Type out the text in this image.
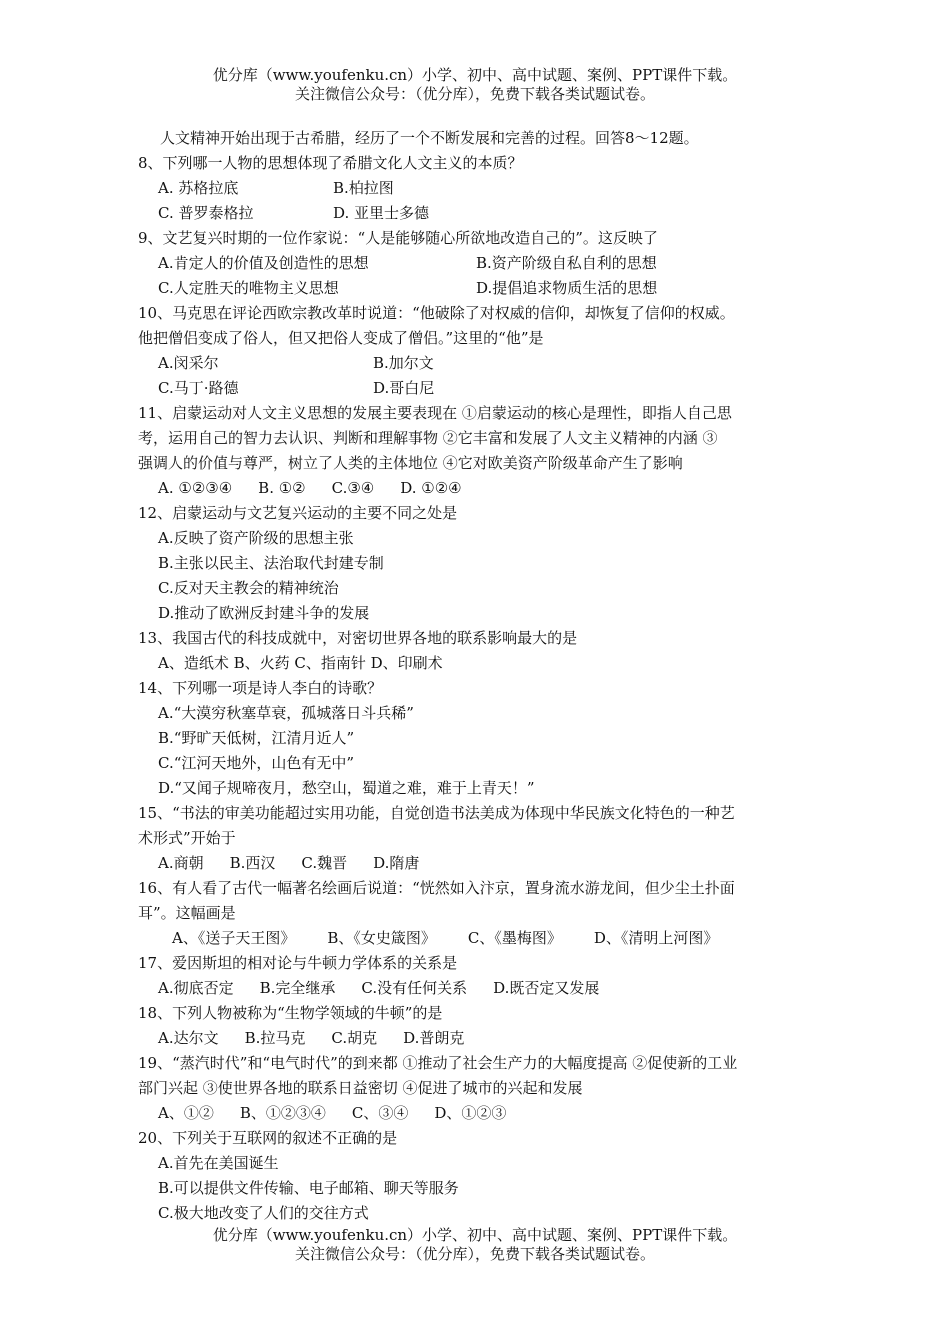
优分库（www.youfenku.cn）小学、初中、高中试题、案例、PPT课件下载。
关注微信公众号：（优分库），免费下载各类试题试卷。
人文精神开始出现于古希腊，经历了一个不断发展和完善的过程。回答8～12题。
8、下列哪一人物的思想体现了希腊文化人文主义的本质？
A. 苏格拉底	B.柏拉图
C. 普罗泰格拉	D. 亚里士多德
9、文艺复兴时期的一位作家说：“人是能够随心所欲地改造自己的”。这反映了
A.肯定人的价值及创造性的思想	B.资产阶级自私自利的思想
C.人定胜天的唯物主义思想	D.提倡追求物质生活的思想
10、马克思在评论西欧宗教改革时说道：“他破除了对权威的信仰，却恢复了信仰的权威。
他把僧侣变成了俗人，但又把俗人变成了僧侣。”这里的“他”是
A.闵采尔	B.加尔文
C.马丁·路德	D.哥白尼
11、启蒙运动对人文主义思想的发展主要表现在 ①启蒙运动的核心是理性，即指人自己思
考，运用自己的智力去认识、判断和理解事物 ②它丰富和发展了人文主义精神的内涵 ③
强调人的价值与尊严，树立了人类的主体地位 ④它对欧美资产阶级革命产生了影响
A. ①②③④ B. ①② C.③④ D. ①②④
12、启蒙运动与文艺复兴运动的主要不同之处是
A.反映了资产阶级的思想主张
B.主张以民主、法治取代封建专制
C.反对天主教会的精神统治
D.推动了欧洲反封建斗争的发展
13、我国古代的科技成就中，对密切世界各地的联系影响最大的是
A、造纸术 B、火药 C、指南针 D、印刷术
14、下列哪一项是诗人李白的诗歌？
A.“大漠穷秋塞草衰，孤城落日斗兵稀”
B.“野旷天低树，江清月近人”
C.“江河天地外，山色有无中”
D.“又闻子规啼夜月，愁空山，蜀道之难，难于上青天！”
15、“书法的审美功能超过实用功能，自觉创造书法美成为体现中华民族文化特色的一种艺
术形式”开始于
A.商朝 B.西汉 C.魏晋 D.隋唐
16、有人看了古代一幅著名绘画后说道：“恍然如入汴京，置身流水游龙间，但少尘土扑面
耳”。这幅画是
A、《送子天王图》 B、《女史箴图》 C、《墨梅图》 D、《清明上河图》
17、爱因斯坦的相对论与牛顿力学体系的关系是
A.彻底否定 B.完全继承 C.没有任何关系 D.既否定又发展
18、下列人物被称为“生物学领域的牛顿”的是
A.达尔文 B.拉马克 C.胡克 D.普朗克
19、“蒸汽时代”和“电气时代”的到来都 ①推动了社会生产力的大幅度提高 ②促使新的工业
部门兴起 ③使世界各地的联系日益密切 ④促进了城市的兴起和发展
A、①② B、①②③④ C、③④ D、①②③
20、下列关于互联网的叙述不正确的是
A.首先在美国诞生
B.可以提供文件传输、电子邮箱、聊天等服务
C.极大地改变了人们的交往方式
优分库（www.youfenku.cn）小学、初中、高中试题、案例、PPT课件下载。
关注微信公众号：（优分库），免费下载各类试题试卷。
